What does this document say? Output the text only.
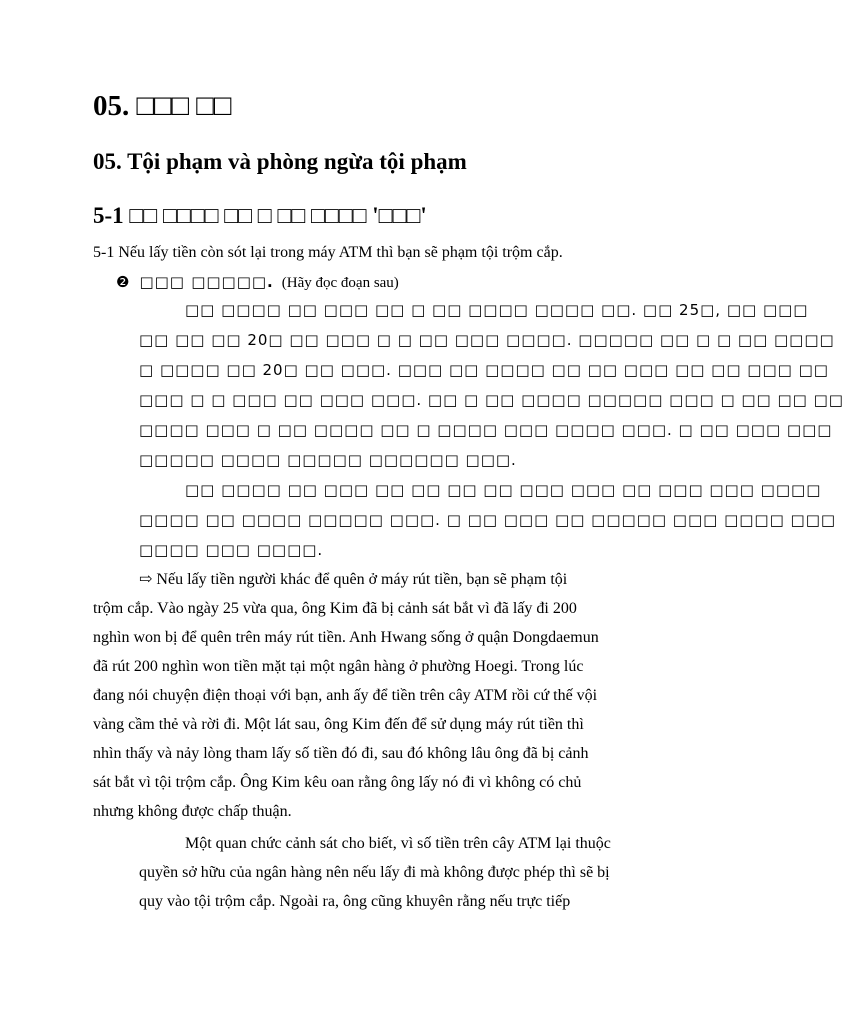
05. □□□ □□
05. Tội phạm và phòng ngừa tội phạm
5-1 □□ □□□□ □□ □ □□ □□□□ '□□□'
5-1 Nếu lấy tiền còn sót lại trong máy ATM thì bạn sẽ phạm tội trộm cắp.
❷ □□□ □□□□□. (Hãy đọc đoạn sau)
□□ □□□□ □□ □□□ □□ □ □□ □□□□ □□□□ □□. □□ 25□, □□ □□□
□□ □□ □□ 20□ □□ □□□ □ □ □□ □□□ □□□□. □□□□□ □□ □ □ □□ □□□□
□ □□□□ □□ 20□ □□ □□□. □□□ □□ □□□□ □□ □□ □□□ □□ □□ □□□ □□
□□□ □ □ □□□ □□ □□□ □□□. □□ □ □□ □□□□ □□□□□ □□□ □ □□ □□ □□
□□□□ □□□ □ □□ □□□□ □□ □ □□□□ □□□ □□□□ □□□. □ □□ □□□ □□□
□□□□□ □□□□ □□□□□ □□□□□□ □□□.
□□ □□□□ □□ □□□ □□ □□ □□ □□ □□□ □□□ □□ □□□ □□□ □□□□
□□□□ □□ □□□□ □□□□□ □□□. □ □□ □□□ □□ □□□□□ □□□ □□□□ □□□
□□□□ □□□ □□□□.
⇨ Nếu lấy tiền người khác để quên ở máy rút tiền, bạn sẽ phạm tội
trộm cắp. Vào ngày 25 vừa qua, ông Kim đã bị cảnh sát bắt vì đã lấy đi 200
nghìn won bị để quên trên máy rút tiền. Anh Hwang sống ở quận Dongdaemun
đã rút 200 nghìn won tiền mặt tại một ngân hàng ở phường Hoegi. Trong lúc
đang nói chuyện điện thoại với bạn, anh ấy để tiền trên cây ATM rồi cứ thế vội
vàng cầm thẻ và rời đi. Một lát sau, ông Kim đến để sử dụng máy rút tiền thì
nhìn thấy và nảy lòng tham lấy số tiền đó đi, sau đó không lâu ông đã bị cảnh
sát bắt vì tội trộm cắp. Ông Kim kêu oan rằng ông lấy nó đi vì không có chủ
nhưng không được chấp thuận.
Một quan chức cảnh sát cho biết, vì số tiền trên cây ATM lại thuộc
quyền sở hữu của ngân hàng nên nếu lấy đi mà không được phép thì sẽ bị
quy vào tội trộm cắp. Ngoài ra, ông cũng khuyên rằng nếu trực tiếp
